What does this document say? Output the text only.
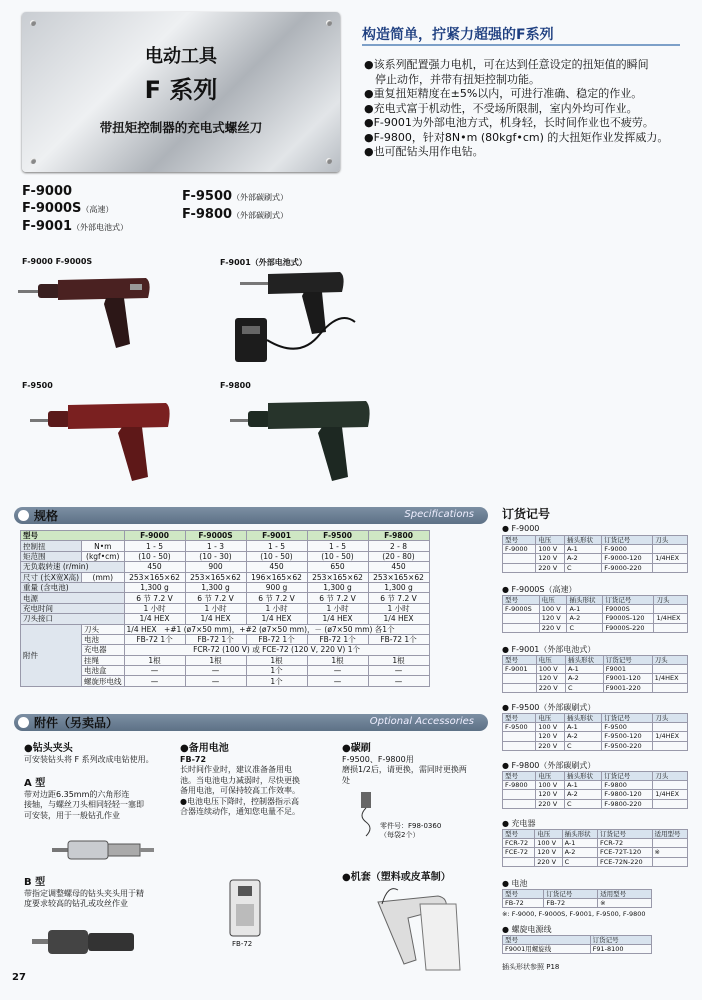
电动工具
F 系列
带扭矩控制器的充电式螺丝刀
构造简单，拧紧力超强的F系列
●该系列配置强力电机，可在达到任意设定的扭矩值的瞬间
　停止动作，并带有扭矩控制功能。
●重复扭矩精度在±5%以内，可进行准确、稳定的作业。
●充电式富于机动性，不受场所限制，室内外均可作业。
●F-9001为外部电池方式，机身轻，长时间作业也不疲劳。
●F-9800，针对8N•m (80kgf•cm) 的大扭矩作业发挥威力。
●也可配钻头用作电钻。
F-9000
F-9000S（高速）
F-9001（外部电池式）
F-9500（外部碳刷式）
F-9800（外部碳刷式）
F-9000 F-9000S	F-9001（外部电池式）
F-9500	F-9800
规格	Specifications
型号		F-9000	F-9000S	F-9001	F-9500	F-9800
控制扭	N•m	1 - 5	1 - 3	1 - 5	1 - 5	2 - 8
矩范围	(kgf•cm)	(10 - 50)	(10 - 30)	(10 - 50)	(10 - 50)	(20 - 80)
无负载转速 (r/min)		450	900	450	650	450
尺寸 (长X宽X高)	(mm)	253×165×62	253×165×62	196×165×62	253×165×62	253×165×62
重量 (含电池)		1,300 g	1,300 g	900 g	1,300 g	1,300 g
电源		6 节 7.2 V	6 节 7.2 V	6 节 7.2 V	6 节 7.2 V	6 节 7.2 V
充电时间		1 小时	1 小时	1 小时	1 小时	1 小时
刀头接口		1/4 HEX	1/4 HEX	1/4 HEX	1/4 HEX	1/4 HEX
附件	刀头	1/4 HEX　+#1 (ø7×50 mm)，+#2 (ø7×50 mm)，－ (ø7×50 mm) 各1个				
	电池	FB-72 1个	FB-72 1个	FB-72 1个	FB-72 1个	FB-72 1个
	充电器	FCR-72 (100 V) 或 FCE-72 (120 V, 220 V) 1个				
	挂绳	1根	1根	1根	1根	1根
	电池盒	—	—	1个	—	—
	螺旋形电线	—	—	1个	—	—
附件（另卖品）	Optional Accessories
●钻头夹头
可安装钻头将 F 系列改成电钻使用。
A 型
带对边距6.35mm的六角形连
接轴，与螺丝刀头相同轻轻一塞即
可安装，用于一般钻孔作业
B 型
带指定调整螺母的钻头夹头用于精
度要求较高的钻孔或攻丝作业
●备用电池
FB-72
长时间作业时，建议准备备用电
池。当电池电力减弱时，尽快更换
备用电池，可保持较高工作效率。
●电池电压下降时，控制器指示高
合器连续动作，通知您电量不足。
FB-72
●碳刷
F-9500、F-9800用
磨损1/2后，请更换，需同时更换两
处
零件号：F98-0360
（每袋2个）
●机套（塑料或皮革制）
订货记号
● F-9000
型号	电压	插头形状	订货记号	刀头
F-9000	100 V	A-1	F-9000	
	120 V	A-2	F-9000-120	1/4HEX
	220 V	C	F-9000-220	
● F-9000S（高速）
型号	电压	插头形状	订货记号	刀头
F-9000S	100 V	A-1	F9000S	
	120 V	A-2	F9000S-120	1/4HEX
	220 V	C	F9000S-220	
● F-9001（外部电池式）
型号	电压	插头形状	订货记号	刀头
F-9001	100 V	A-1	F9001	
	120 V	A-2	F9001-120	1/4HEX
	220 V	C	F9001-220	
● F-9500（外部碳刷式）
型号	电压	插头形状	订货记号	刀头
F-9500	100 V	A-1	F-9500	
	120 V	A-2	F-9500-120	1/4HEX
	220 V	C	F-9500-220	
● F-9800（外部碳刷式）
型号	电压	插头形状	订货记号	刀头
F-9800	100 V	A-1	F-9800	
	120 V	A-2	F-9800-120	1/4HEX
	220 V	C	F-9800-220	
● 充电器
型号	电压	插头形状	订货记号	适用型号
FCR-72	100 V	A-1	FCR-72	
FCE-72	120 V	A-2	FCE-72T-120	※
	220 V	C	FCE-72N-220	
● 电池
型号	订货记号	适用型号
FB-72	FB-72	※
※: F-9000, F-9000S, F-9001, F-9500, F-9800
● 螺旋电源线
型号	订货记号
F9001用螺旋线	F91-8100
插头形状参照 P18
27
